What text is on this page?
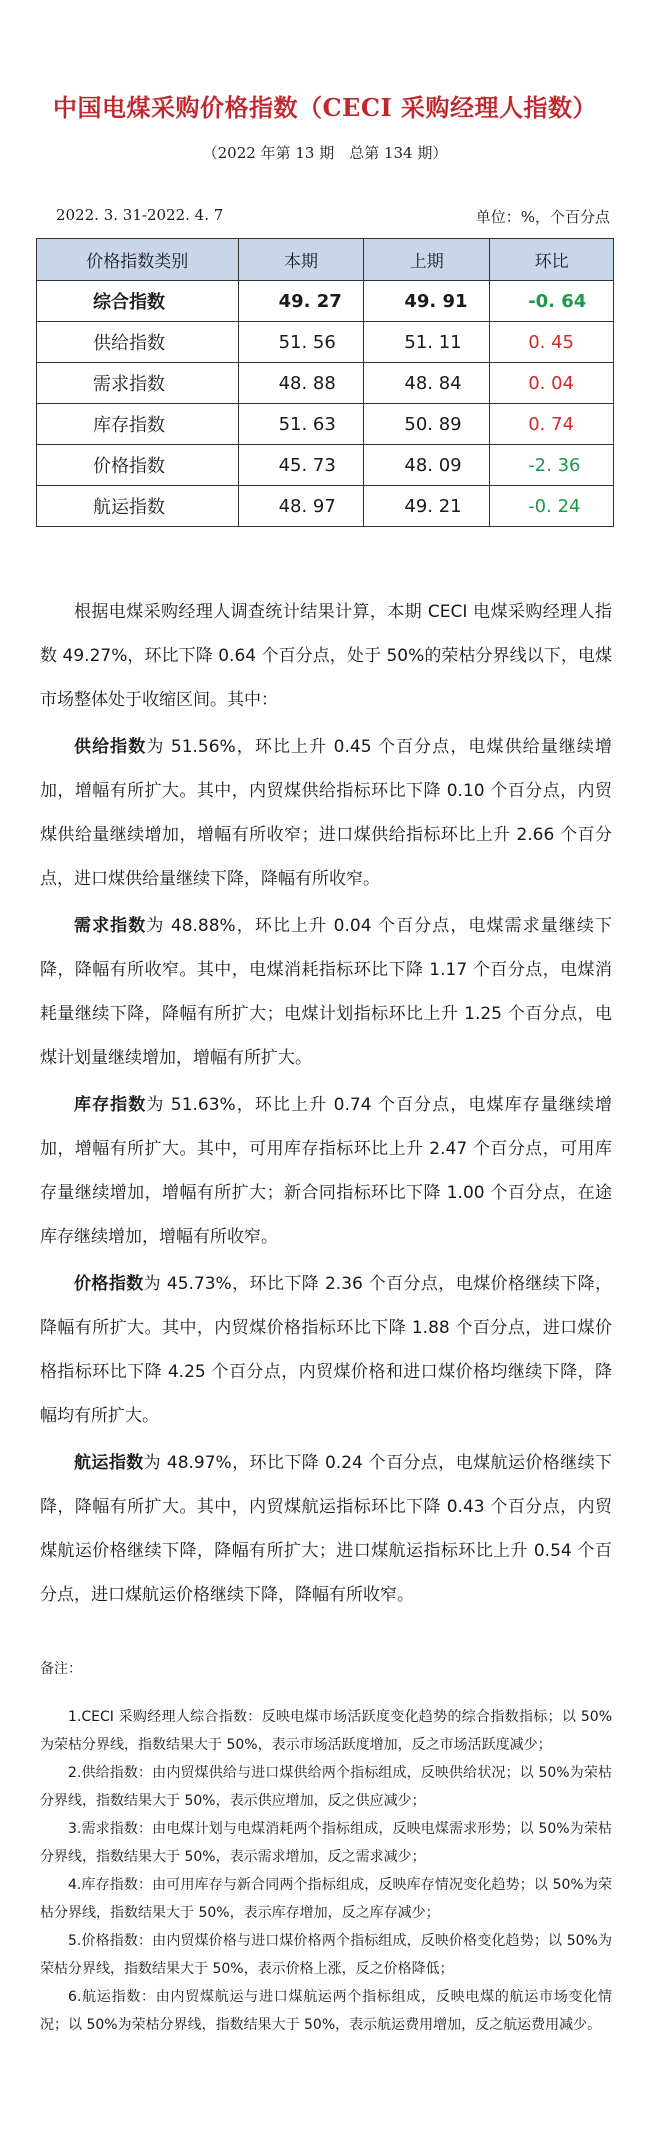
中国电煤采购价格指数（CECI 采购经理人指数）
（2022 年第 13 期　总第 134 期）
2022. 3. 31-2022. 4. 7	单位：%，个百分点
价格指数类别	本期	上期	环比
综合指数	49. 27	49. 91	-0. 64
供给指数	51. 56	51. 11	0. 45
需求指数	48. 88	48. 84	0. 04
库存指数	51. 63	50. 89	0. 74
价格指数	45. 73	48. 09	-2. 36
航运指数	48. 97	49. 21	-0. 24

根据电煤采购经理人调查统计结果计算，本期 CECI 电煤采购经理人指数 49.27%，环比下降 0.64 个百分点，处于 50%的荣枯分界线以下，电煤市场整体处于收缩区间。其中：

供给指数为 51.56%，环比上升 0.45 个百分点，电煤供给量继续增加，增幅有所扩大。其中，内贸煤供给指标环比下降 0.10 个百分点，内贸煤供给量继续增加，增幅有所收窄；进口煤供给指标环比上升 2.66 个百分点，进口煤供给量继续下降，降幅有所收窄。

需求指数为 48.88%，环比上升 0.04 个百分点，电煤需求量继续下降，降幅有所收窄。其中，电煤消耗指标环比下降 1.17 个百分点，电煤消耗量继续下降，降幅有所扩大；电煤计划指标环比上升 1.25 个百分点，电煤计划量继续增加，增幅有所扩大。

库存指数为 51.63%，环比上升 0.74 个百分点，电煤库存量继续增加，增幅有所扩大。其中，可用库存指标环比上升 2.47 个百分点，可用库存量继续增加，增幅有所扩大；新合同指标环比下降 1.00 个百分点，在途库存继续增加，增幅有所收窄。

价格指数为 45.73%，环比下降 2.36 个百分点，电煤价格继续下降，降幅有所扩大。其中，内贸煤价格指标环比下降 1.88 个百分点，进口煤价格指标环比下降 4.25 个百分点，内贸煤价格和进口煤价格均继续下降，降幅均有所扩大。

航运指数为 48.97%，环比下降 0.24 个百分点，电煤航运价格继续下降，降幅有所扩大。其中，内贸煤航运指标环比下降 0.43 个百分点，内贸煤航运价格继续下降，降幅有所扩大；进口煤航运指标环比上升 0.54 个百分点，进口煤航运价格继续下降，降幅有所收窄。

备注：

1.CECI 采购经理人综合指数：反映电煤市场活跃度变化趋势的综合指数指标；以 50%为荣枯分界线，指数结果大于 50%，表示市场活跃度增加，反之市场活跃度减少；

2.供给指数：由内贸煤供给与进口煤供给两个指标组成，反映供给状况；以 50%为荣枯分界线，指数结果大于 50%，表示供应增加，反之供应减少；

3.需求指数：由电煤计划与电煤消耗两个指标组成，反映电煤需求形势；以 50%为荣枯分界线，指数结果大于 50%，表示需求增加，反之需求减少；

4.库存指数：由可用库存与新合同两个指标组成，反映库存情况变化趋势；以 50%为荣枯分界线，指数结果大于 50%，表示库存增加，反之库存减少；

5.价格指数：由内贸煤价格与进口煤价格两个指标组成，反映价格变化趋势；以 50%为荣枯分界线，指数结果大于 50%，表示价格上涨，反之价格降低；

6.航运指数：由内贸煤航运与进口煤航运两个指标组成，反映电煤的航运市场变化情况；以 50%为荣枯分界线，指数结果大于 50%，表示航运费用增加，反之航运费用减少。
